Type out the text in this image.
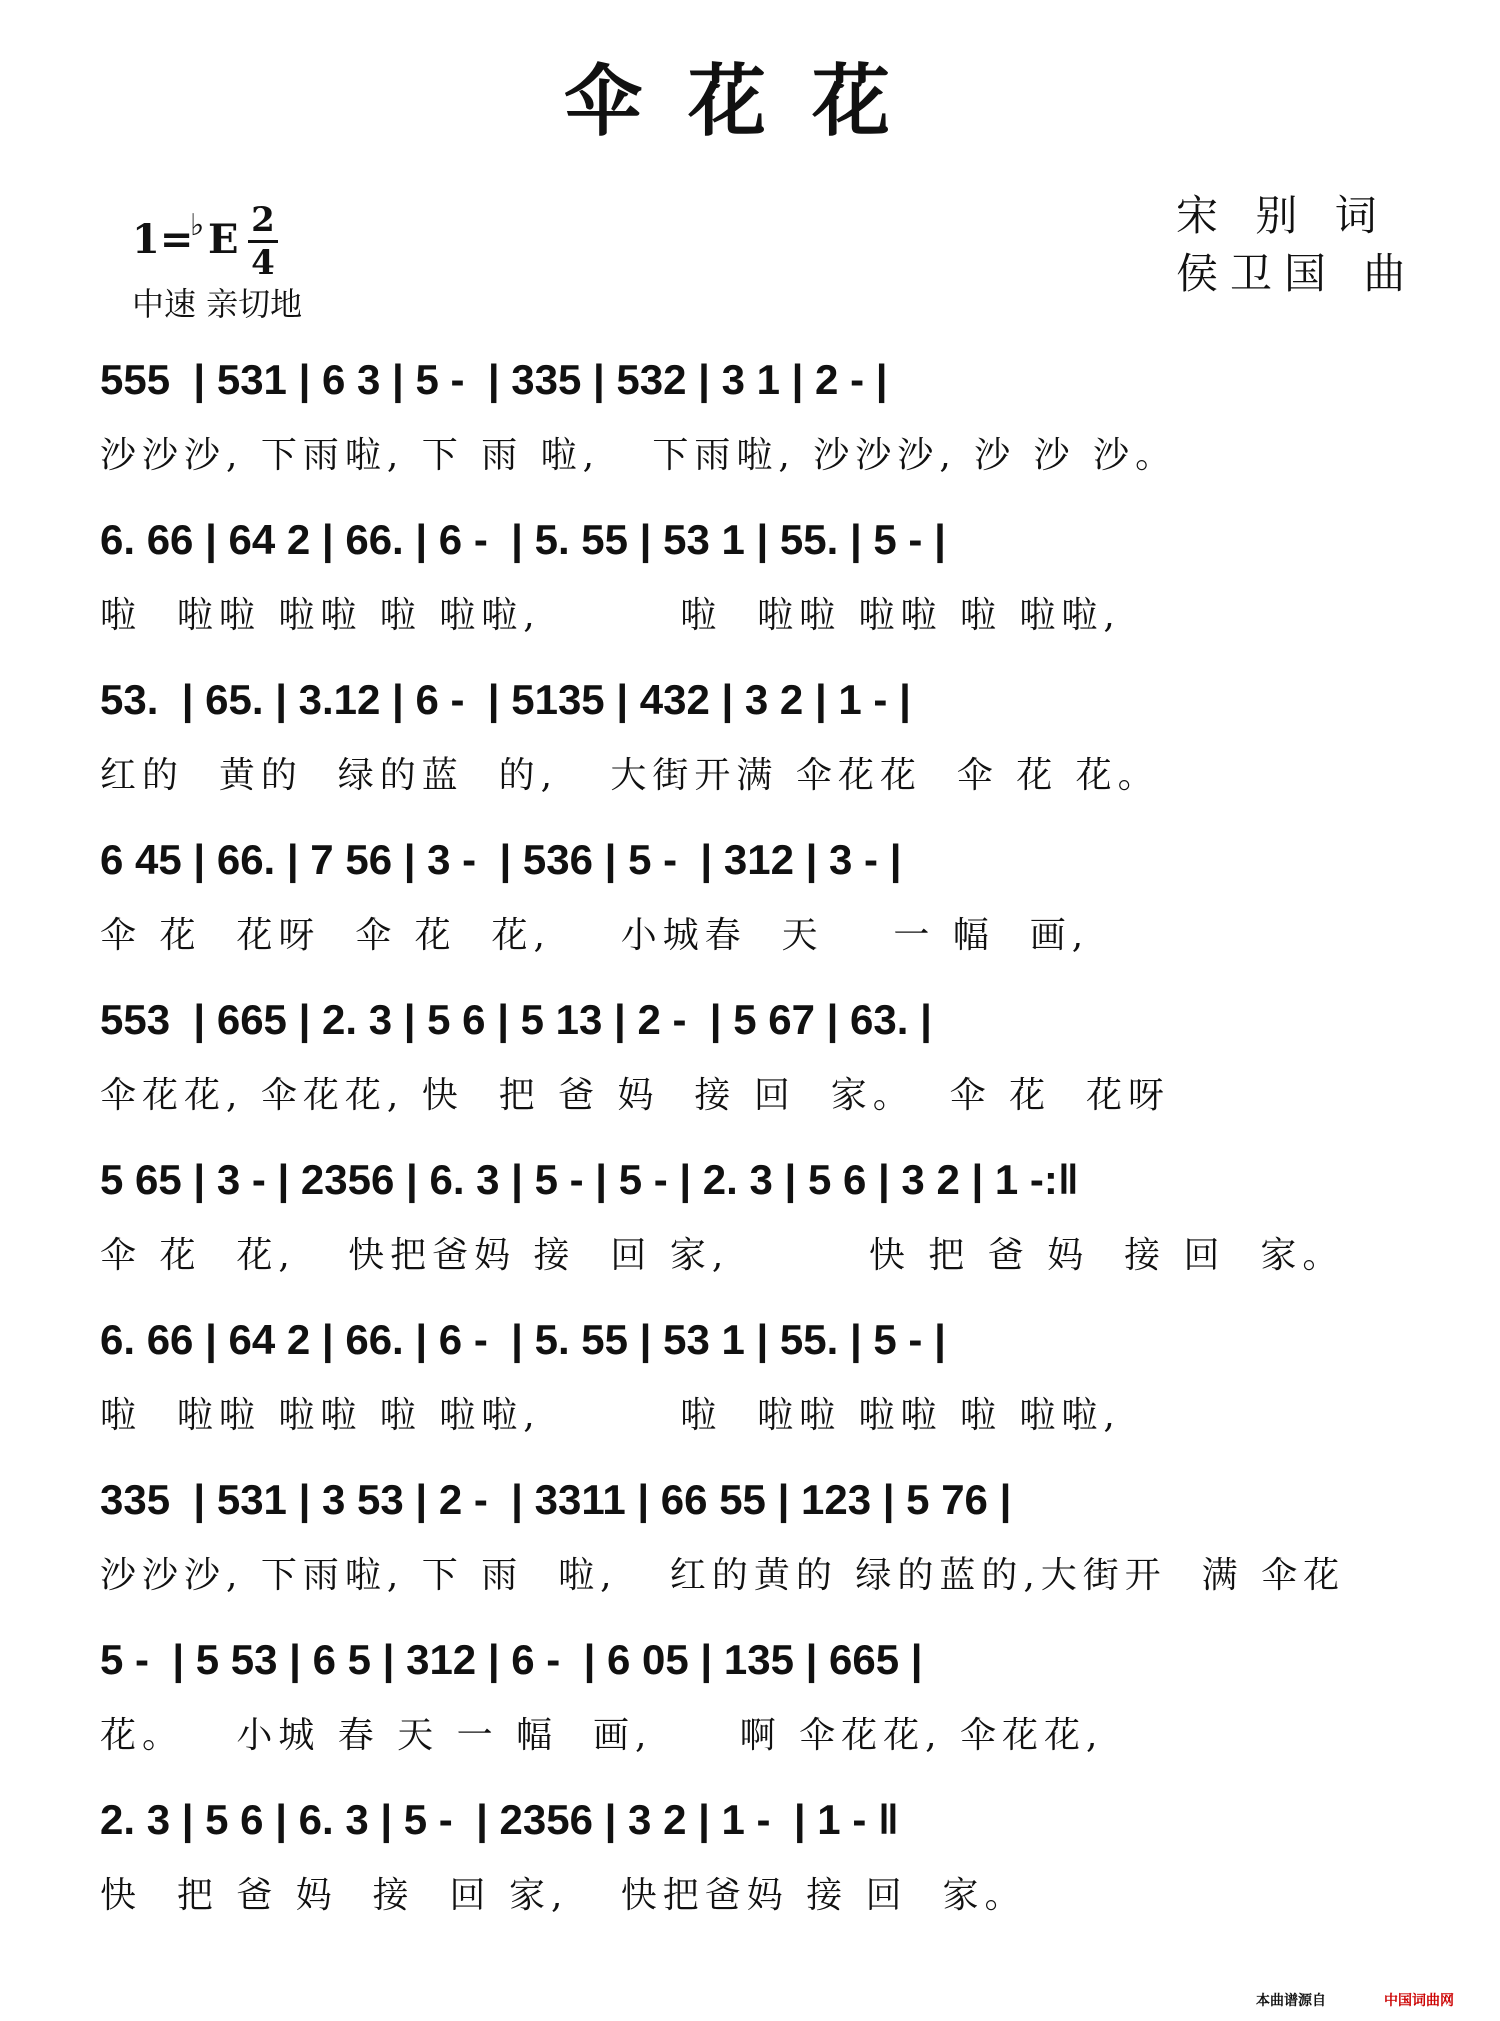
伞花花
1=
♭ E 2
4
中速 亲切地
宋 别 词
侯卫国 曲
555  | 531 | 6 3 | 5 -  | 335 | 532 | 3 1 | 2 - |
沙沙沙, 下雨啦, 下 雨 啦,   下雨啦, 沙沙沙, 沙 沙 沙。
6. 66 | 64 2 | 66. | 6 -  | 5. 55 | 53 1 | 55. | 5 - |
啦  啦啦 啦啦 啦 啦啦,        啦  啦啦 啦啦 啦 啦啦,
53.  | 65. | 3.12 | 6 -  | 5135 | 432 | 3 2 | 1 - |
红的  黄的  绿的蓝  的,   大街开满 伞花花  伞 花 花。
6 45 | 66. | 7 56 | 3 -  | 536 | 5 -  | 312 | 3 - |
伞 花  花呀  伞 花  花,    小城春  天    一 幅  画,
553  | 665 | 2. 3 | 5 6 | 5 13 | 2 -  | 5 67 | 63. |
伞花花, 伞花花, 快  把 爸 妈  接 回  家。  伞 花  花呀
5 65 | 3 - | 2356 | 6. 3 | 5 - | 5 - | 2. 3 | 5 6 | 3 2 | 1 -:‖
伞 花  花,   快把爸妈 接  回 家,        快 把 爸 妈  接 回  家。
6. 66 | 64 2 | 66. | 6 -  | 5. 55 | 53 1 | 55. | 5 - |
啦  啦啦 啦啦 啦 啦啦,        啦  啦啦 啦啦 啦 啦啦,
335  | 531 | 3 53 | 2 -  | 3311 | 66 55 | 123 | 5 76 |
沙沙沙, 下雨啦, 下 雨  啦,   红的黄的 绿的蓝的,大街开  满 伞花
5 -  | 5 53 | 6 5 | 312 | 6 -  | 6 05 | 135 | 665 |
花。   小城 春 天 一 幅  画,     啊 伞花花, 伞花花,
2. 3 | 5 6 | 6. 3 | 5 -  | 2356 | 3 2 | 1 -  | 1 - ‖
快  把 爸 妈  接  回 家,   快把爸妈 接 回  家。
本曲谱源自	中国词曲网
